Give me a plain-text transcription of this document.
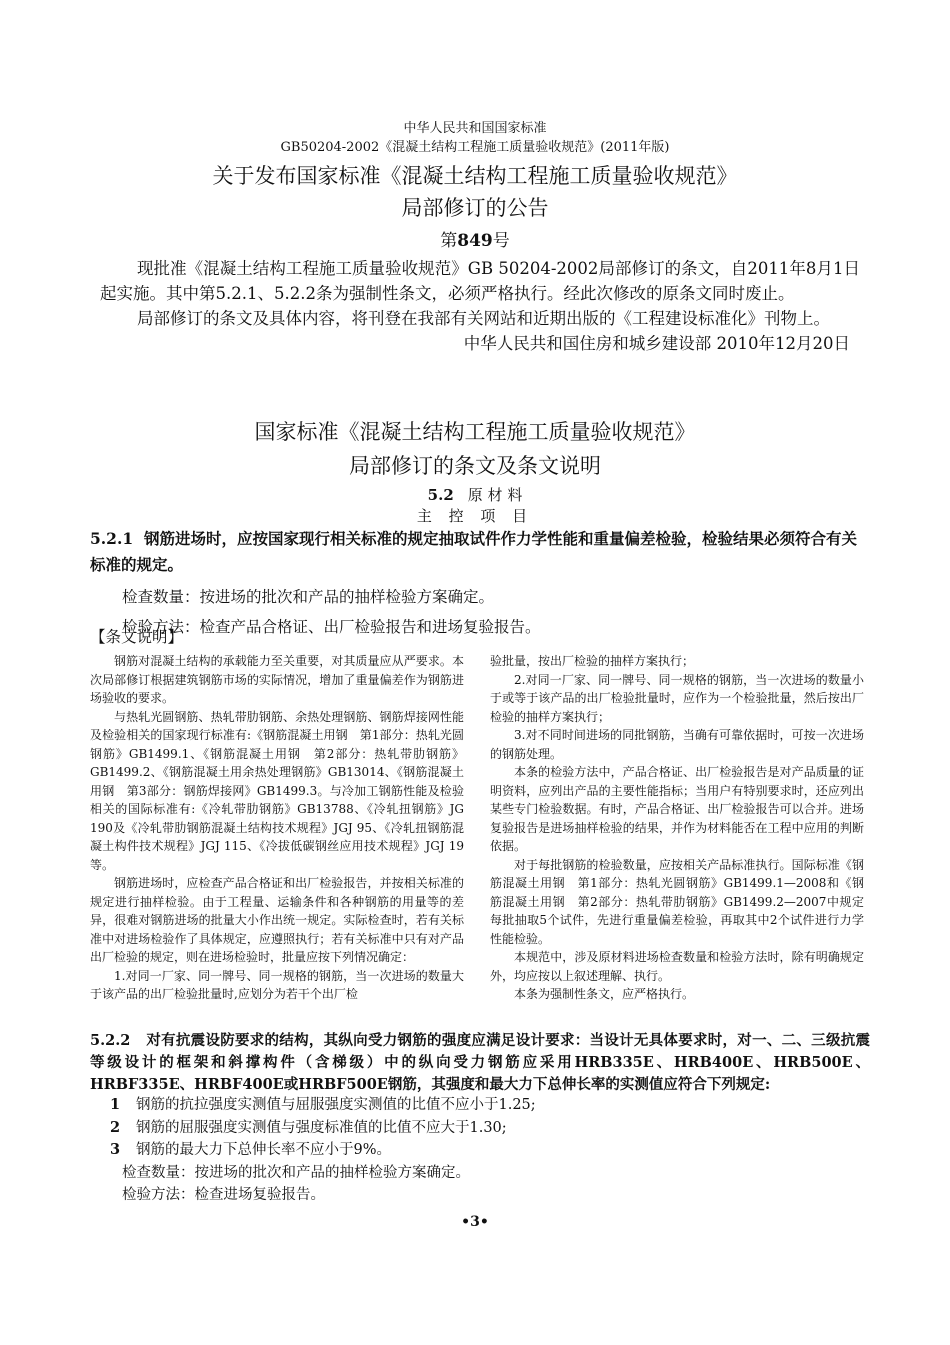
中华人民共和国国家标准
GB50204-2002《混凝土结构工程施工质量验收规范》(2011年版)
关于发布国家标准《混凝土结构工程施工质量验收规范》
局部修订的公告
第849号

现批准《混凝土结构工程施工质量验收规范》GB 50204-2002局部修订的条文，自2011年8月1日起实施。其中第5.2.1、5.2.2条为强制性条文，必须严格执行。经此次修改的原条文同时废止。

局部修订的条文及具体内容，将刊登在我部有关网站和近期出版的《工程建设标准化》刊物上。

中华人民共和国住房和城乡建设部 2010年12月20日

国家标准《混凝土结构工程施工质量验收规范》
局部修订的条文及条文说明
5.2 原 材 料
主 控 项 目

5.2.1 钢筋进场时，应按国家现行相关标准的规定抽取试件作力学性能和重量偏差检验，检验结果必须符合有关标准的规定。

检查数量：按进场的批次和产品的抽样检验方案确定。

检验方法：检查产品合格证、出厂检验报告和进场复验报告。

【条文说明】

钢筋对混凝土结构的承载能力至关重要，对其质量应从严要求。本次局部修订根据建筑钢筋市场的实际情况，增加了重量偏差作为钢筋进场验收的要求。

与热轧光圆钢筋、热轧带肋钢筋、余热处理钢筋、钢筋焊接网性能及检验相关的国家现行标准有:《钢筋混凝土用钢　第1部分：热轧光圆钢筋》GB1499.1、《钢筋混凝土用钢　第2部分：热轧带肋钢筋》GB1499.2、《钢筋混凝土用余热处理钢筋》GB13014、《钢筋混凝土用钢　第3部分：钢筋焊接网》GB1499.3。与冷加工钢筋性能及检验相关的国际标准有:《冷轧带肋钢筋》GB13788、《冷轧扭钢筋》JG 190及《冷轧带肋钢筋混凝土结构技术规程》JGJ 95、《冷轧扭钢筋混凝土构件技术规程》JGJ 115、《冷拔低碳钢丝应用技术规程》JGJ 19等。

钢筋进场时，应检查产品合格证和出厂检验报告，并按相关标准的规定进行抽样检验。由于工程量、运输条件和各种钢筋的用量等的差异，很难对钢筋进场的批量大小作出统一规定。实际检查时，若有关标准中对进场检验作了具体规定，应遵照执行；若有关标准中只有对产品出厂检验的规定，则在进场检验时，批量应按下列情况确定：

1.对同一厂家、同一牌号、同一规格的钢筋，当一次进场的数量大于该产品的出厂检验批量时,应划分为若干个出厂检

验批量，按出厂检验的抽样方案执行；

2.对同一厂家、同一牌号、同一规格的钢筋，当一次进场的数量小于或等于该产品的出厂检验批量时，应作为一个检验批量，然后按出厂检验的抽样方案执行；

3.对不同时间进场的同批钢筋，当确有可靠依据时，可按一次进场的钢筋处理。

本条的检验方法中，产品合格证、出厂检验报告是对产品质量的证明资料，应列出产品的主要性能指标；当用户有特别要求时，还应列出某些专门检验数据。有时，产品合格证、出厂检验报告可以合并。进场复验报告是进场抽样检验的结果，并作为材料能否在工程中应用的判断依据。

对于每批钢筋的检验数量，应按相关产品标准执行。国际标准《钢筋混凝土用钢　第1部分：热轧光圆钢筋》GB1499.1—2008和《钢筋混凝土用钢　第2部分：热轧带肋钢筋》GB1499.2—2007中规定每批抽取5个试件，先进行重量偏差检验，再取其中2个试件进行力学性能检验。

本规范中，涉及原材料进场检查数量和检验方法时，除有明确规定外，均应按以上叙述理解、执行。

本条为强制性条文，应严格执行。

5.2.2 对有抗震设防要求的结构，其纵向受力钢筋的强度应满足设计要求：当设计无具体要求时，对一、二、三级抗震等级设计的框架和斜撑构件（含梯级）中的纵向受力钢筋应采用HRB335E、HRB400E、HRB500E、HRBF335E、HRBF400E或HRBF500E钢筋，其强度和最大力下总伸长率的实测值应符合下列规定:

1 钢筋的抗拉强度实测值与屈服强度实测值的比值不应小于1.25;

2 钢筋的屈服强度实测值与强度标准值的比值不应大于1.30;

3 钢筋的最大力下总伸长率不应小于9%。

检查数量：按进场的批次和产品的抽样检验方案确定。

检验方法：检查进场复验报告。

•3•
